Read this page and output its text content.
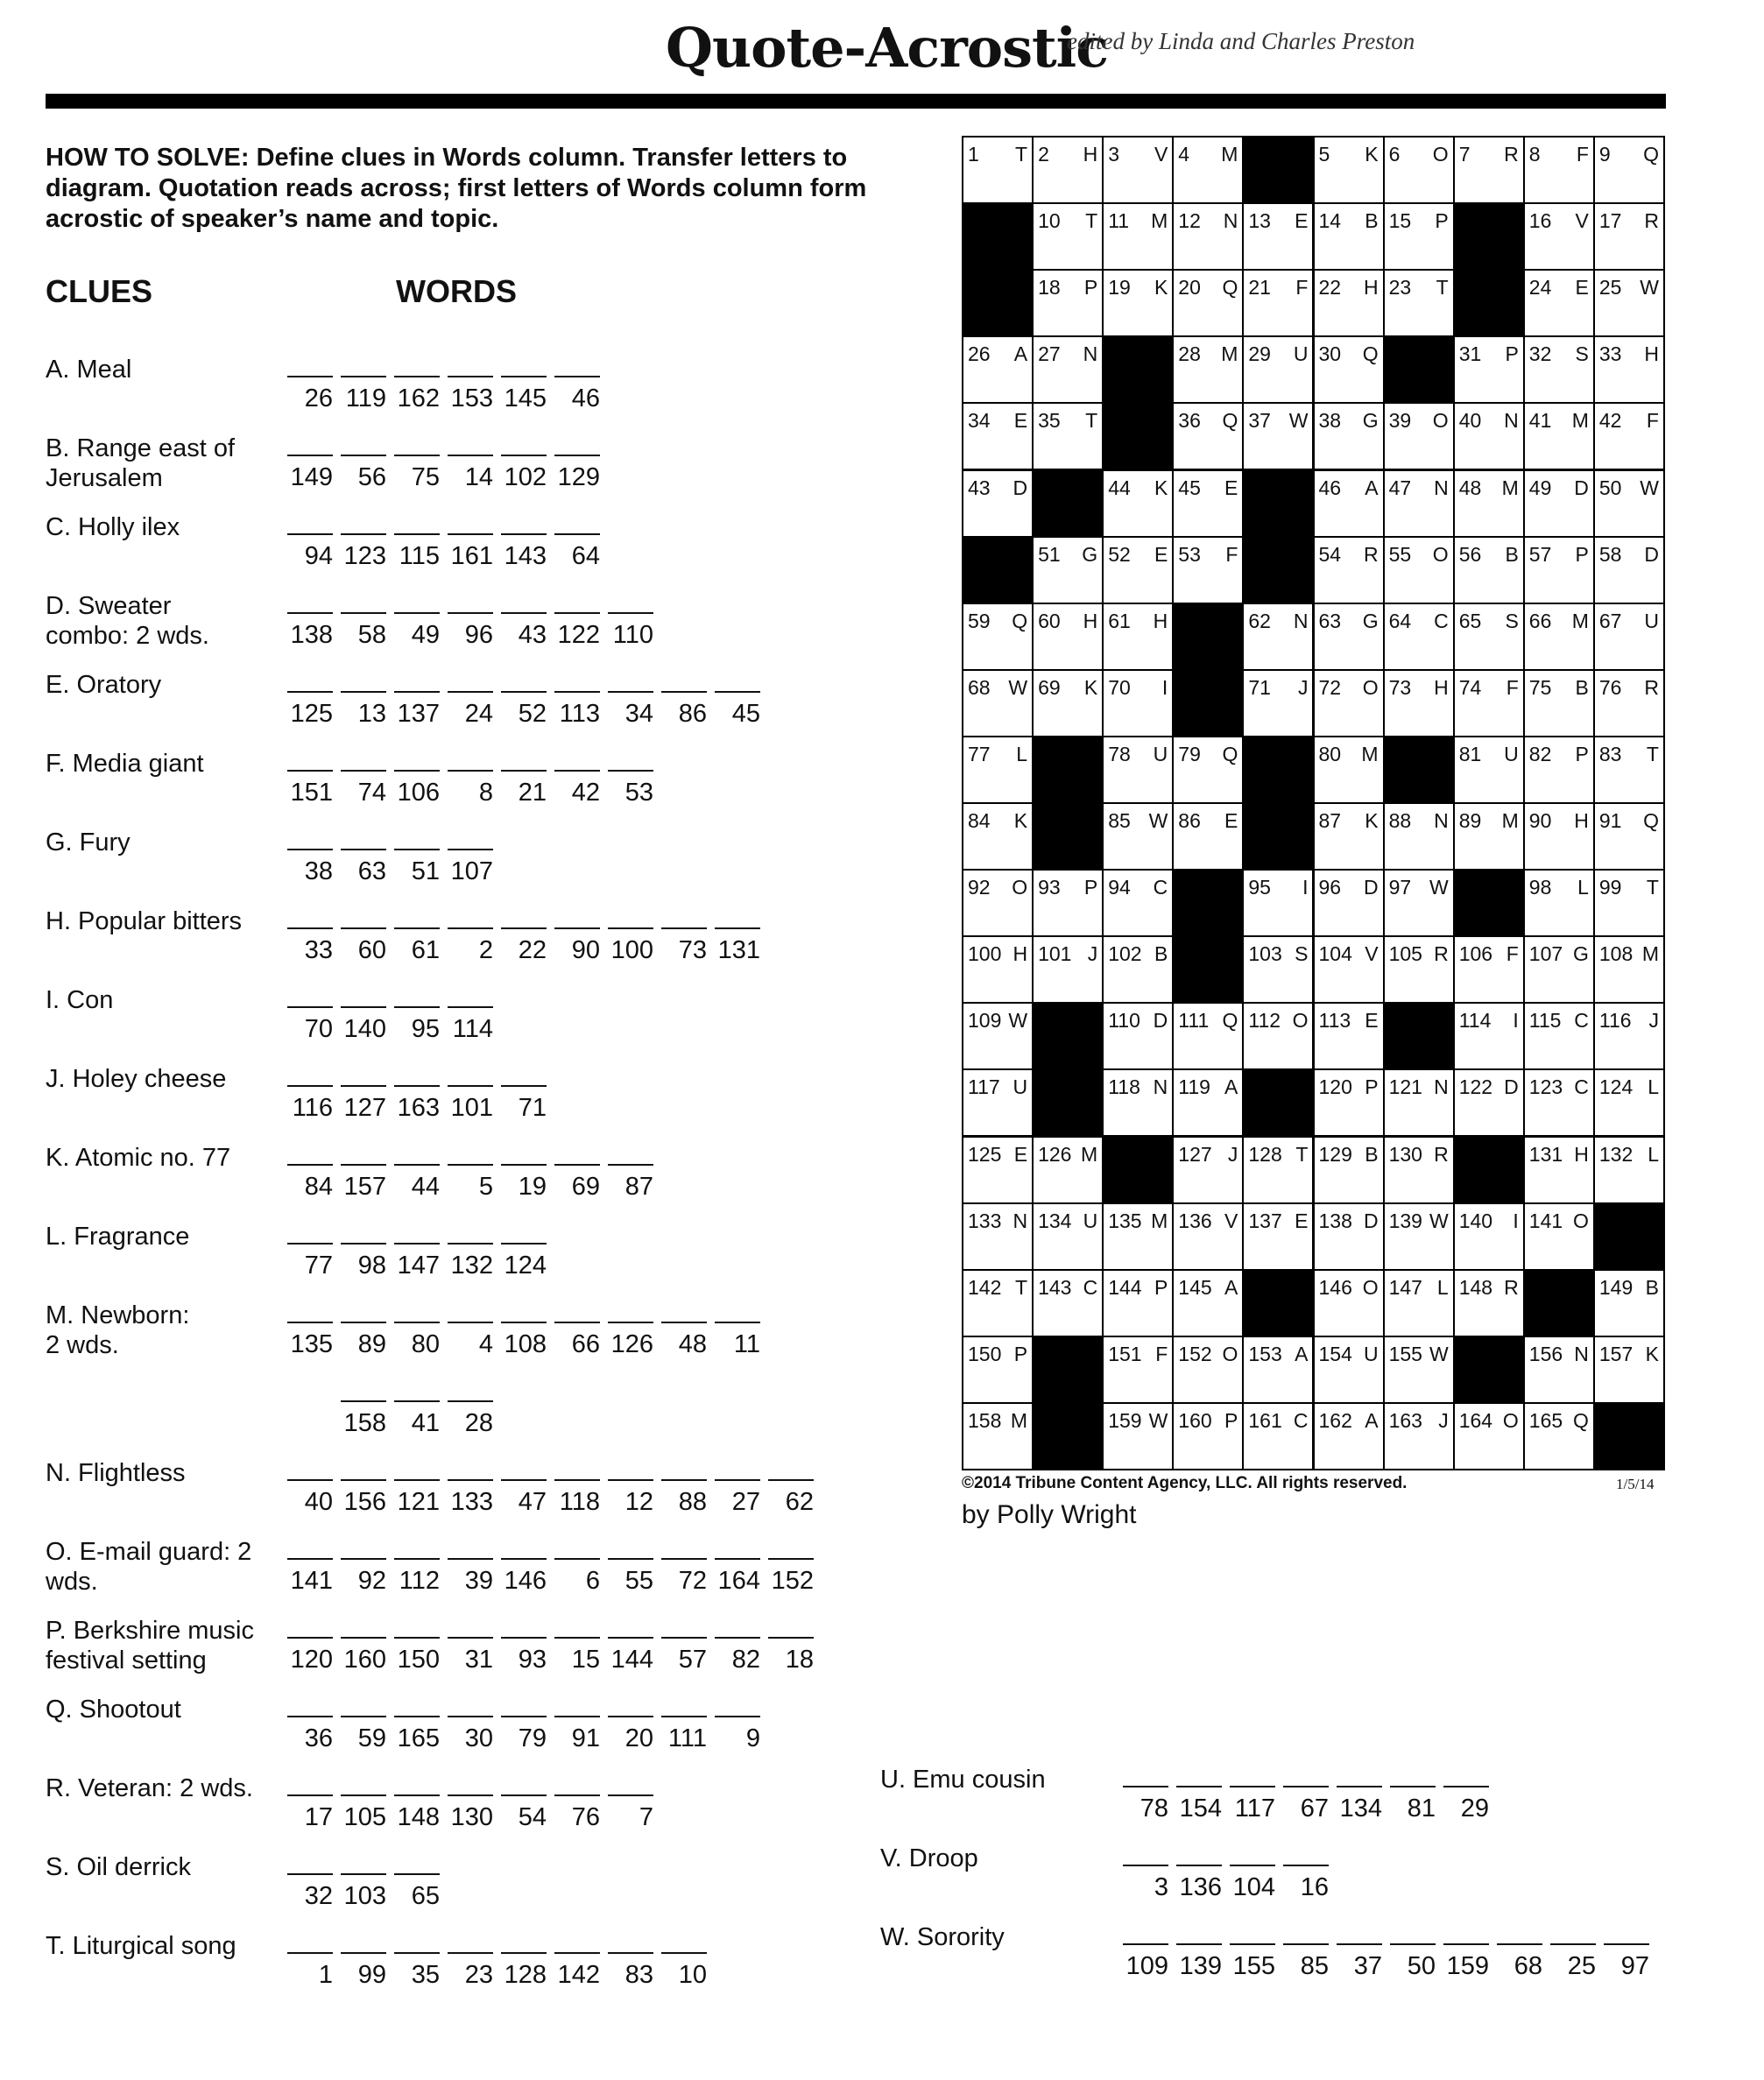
Quote-Acrostic
edited by Linda and Charles Preston
HOW TO SOLVE: Define clues in Words column. Transfer letters to diagram. Quotation reads across; first letters of Words column form acrostic of speaker’s name and topic.
CLUES	WORDS
A. Meal
26 119 162 153 145 46
B. Range east of
Jerusalem	149 56 75 14 102 129
C. Holly ilex
94 123 115 161 143 64
D. Sweater
combo: 2 wds.	138 58 49 96 43 122 110
E. Oratory
125 13 137 24 52 113 34 86 45
F. Media giant
151 74 106	8 21 42 53
G. Fury
38 63 51 107
H. Popular bitters
33 60 61	2 22 90 100 73 131
I. Con
70 140 95 114
J. Holey cheese
116 127 163 101 71
K. Atomic no. 77
84 157 44	5 19 69 87
L. Fragrance
77 98 147 132 124
M. Newborn:
2 wds.	135 89 80	4 108 66 126 48	11
158 41 28
N. Flightless
40 156 121 133 47 118 12 88 27 62
O. E-mail guard: 2
wds.	141 92 112 39 146	6 55 72 164 152
P. Berkshire music
festival setting	120 160 150 31 93 15 144 57 82 18
Q. Shootout
36 59 165 30 79 91 20 111	9
R. Veteran: 2 wds.
17 105 148 130 54 76	7
S. Oil derrick
32 103 65
T. Liturgical song
1 99 35 23 128 142 83 10
U. Emu cousin
78 154 117 67 134 81 29
V. Droop
3 136 104 16
W. Sorority
109 139 155 85 37 50 159 68 25 97
1 T 2 H 3 V 4 M	5 K 6 O 7 R 8 F 9 Q
10 T 11 M 12 N 13 E 14 B 15 P	16 V 17 R
18 P 19 K 20 Q 21 F 22 H 23 T	24 E 25 W
26 A 27 N	28 M 29 U 30 Q	31 P 32 S 33 H
34 E 35 T	36 Q 37 W 38 G 39 O 40 N 41 M 42 F
43 D	44 K 45 E	46 A 47 N 48 M 49 D 50 W
51 G 52 E 53 F	54 R 55 O 56 B 57 P 58 D
59 Q 60 H 61 H	62 N 63 G 64 C 65 S 66 M 67 U
68 W 69 K 70 I	71 J 72 O 73 H 74 F 75 B 76 R
77 L	78 U 79 Q	80 M	81 U 82 P 83 T
84 K	85 W 86 E	87 K 88 N 89 M 90 H 91 Q
92 O 93 P 94 C	95 I 96 D 97 W	98 L 99 T
100 H 101 J 102 B	103 S 104 V 105 R 106 F 107 G 108 M
109 W	110 D 111 Q 112 O 113 E	114 I 115 C 116 J
117 U	118 N 119 A	120 P 121 N 122 D 123 C 124 L
125 E 126 M	127 J 128 T 129 B 130 R	131 H 132 L
133 N 134 U 135 M 136 V 137 E 138 D 139 W 140 I 141 O
142 T 143 C 144 P 145 A	146 O 147 L 148 R	149 B
150 P	151 F 152 O 153 A 154 U 155 W	156 N 157 K
158 M	159 W 160 P 161 C 162 A 163 J 164 O 165 Q
©2014 Tribune Content Agency, LLC. All rights reserved.	1/5/14
by Polly Wright
